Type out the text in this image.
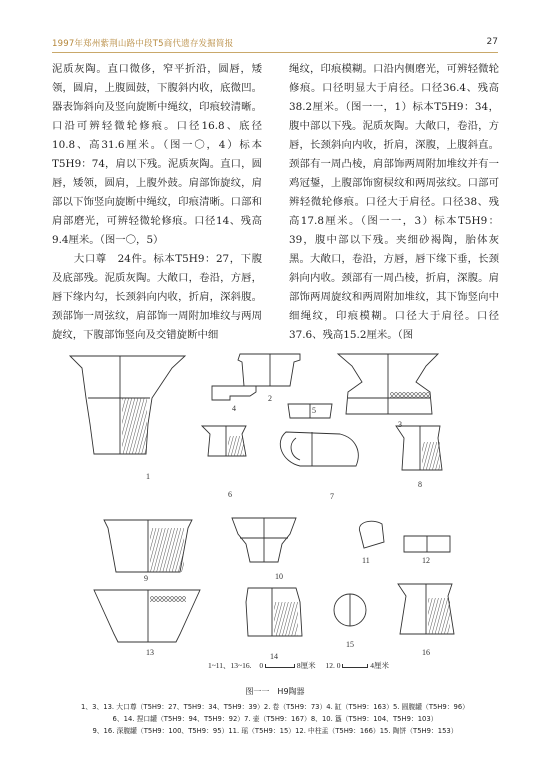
1997年郑州紫荆山路中段T5商代遗存发掘简报	27
泥质灰陶。直口微侈，窄平折沿，圆唇，矮领，圆肩，上腹圆鼓，下腹斜内收，底微凹。器表饰斜向及竖向旋断中绳纹，印痕较清晰。口沿可辨轻微轮修痕。口径16.8、底径10.8、高31.6厘米。（图一〇，4）标本T5H9：74，肩以下残。泥质灰陶。直口，圆唇，矮领，圆肩，上腹外鼓。肩部饰旋纹，肩部以下饰竖向旋断中绳纹，印痕清晰。口部和肩部磨光，可辨轻微轮修痕。口径14、残高9.4厘米。（图一〇，5）
　　大口尊　24件。标本T5H9：27，下腹及底部残。泥质灰陶。大敞口，卷沿，方唇，唇下缘内勾，长颈斜向内收，折肩，深斜腹。颈部饰一周弦纹，肩部饰一周附加堆纹与两周旋纹，下腹部饰竖向及交错旋断中细
绳纹，印痕模糊。口沿内侧磨光，可辨轻微轮修痕。口径明显大于肩径。口径36.4、残高38.2厘米。（图一一，1）标本T5H9：34，腹中部以下残。泥质灰陶。大敞口，卷沿，方唇，长颈斜向内收，折肩，深腹，上腹斜直。颈部有一周凸棱，肩部饰两周附加堆纹并有一鸡冠鋬，上腹部饰窗棂纹和两周弦纹。口部可辨轻微轮修痕。口径大于肩径。口径38、残高17.8厘米。（图一一，3）标本T5H9：39，腹中部以下残。夹细砂褐陶，胎体灰黑。大敞口，卷沿，方唇，唇下缘下垂，长颈斜向内收。颈部有一周凸棱，折肩，深腹。肩部饰两周旋纹和两周附加堆纹，其下饰竖向中细绳纹，印痕模糊。口径大于肩径。口径37.6、残高15.2厘米。（图
1
2
3
4	5
6	7
8
9	10
11	12
13	14
15
16
1~11、13~16. 0	8厘米 12. 0	4厘米
图一一　H9陶器
1、3、13. 大口尊（T5H9：27、T5H9：34、T5H9：39）2. 卷（T5H9：73）4. 缸（T5H9：163）5. 圆腹罐（T5H9：96）
6、14. 捏口罐（T5H9：94、T5H9：92）7. 壶（T5H9：167）8、10. 簋（T5H9：104、T5H9：103）
9、16. 深腹罐（T5H9：100、T5H9：95）11. 瑶（T5H9：15）12. 中柱盂（T5H9：166）15. 陶饼（T5H9：153）
